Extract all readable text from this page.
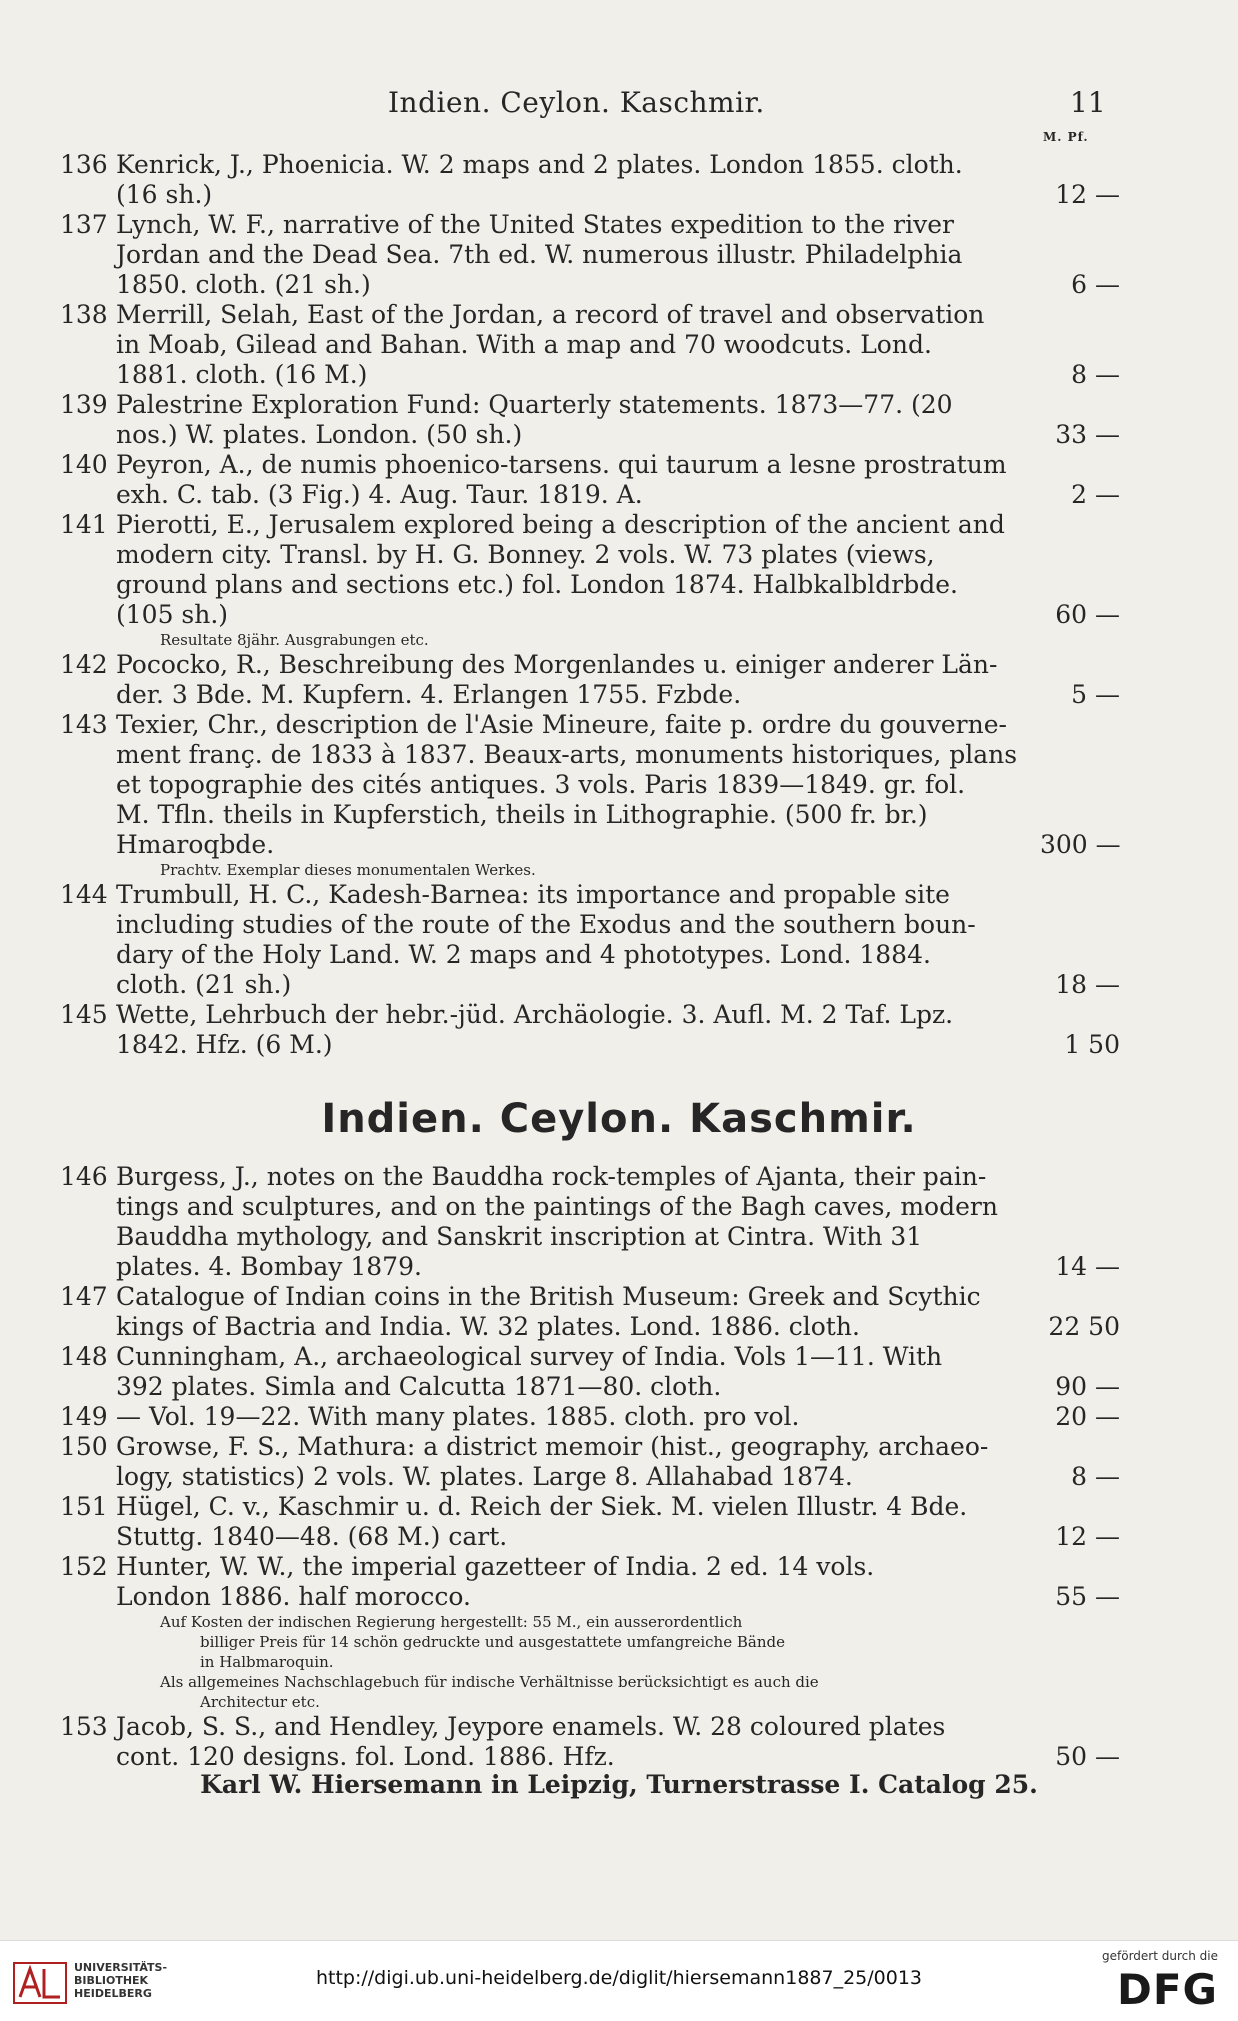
Indien. Ceylon. Kaschmir.	11
M. Pf.
136 Kenrick, J., Phoenicia. W. 2 maps and 2 plates. London 1855. cloth.
(16 sh.)	12 —
137 Lynch, W. F., narrative of the United States expedition to the river
Jordan and the Dead Sea. 7th ed. W. numerous illustr. Philadelphia
1850. cloth. (21 sh.)	6 —
138 Merrill, Selah, East of the Jordan, a record of travel and observation
in Moab, Gilead and Bahan. With a map and 70 woodcuts. Lond.
1881. cloth. (16 M.)	8 —
139 Palestrine Exploration Fund: Quarterly statements. 1873—77. (20
nos.) W. plates. London. (50 sh.)	33 —
140 Peyron, A., de numis phoenico-tarsens. qui taurum a lesne prostratum
exh. C. tab. (3 Fig.) 4. Aug. Taur. 1819. A.	2 —
141 Pierotti, E., Jerusalem explored being a description of the ancient and
modern city. Transl. by H. G. Bonney. 2 vols. W. 73 plates (views,
ground plans and sections etc.) fol. London 1874. Halbkalbldrbde.
(105 sh.)	60 —
Resultate 8jähr. Ausgrabungen etc.
142 Pococko, R., Beschreibung des Morgenlandes u. einiger anderer Län-
der. 3 Bde. M. Kupfern. 4. Erlangen 1755. Fzbde.	5 —
143 Texier, Chr., description de l'Asie Mineure, faite p. ordre du gouverne-
ment franç. de 1833 à 1837. Beaux-arts, monuments historiques, plans
et topographie des cités antiques. 3 vols. Paris 1839—1849. gr. fol.
M. Tfln. theils in Kupferstich, theils in Lithographie. (500 fr. br.)
Hmaroqbde.	300 —
Prachtv. Exemplar dieses monumentalen Werkes.
144 Trumbull, H. C., Kadesh-Barnea: its importance and propable site
including studies of the route of the Exodus and the southern boun-
dary of the Holy Land. W. 2 maps and 4 phototypes. Lond. 1884.
cloth. (21 sh.)	18 —
145 Wette, Lehrbuch der hebr.-jüd. Archäologie. 3. Aufl. M. 2 Taf. Lpz.
1842. Hfz. (6 M.)	1 50
Indien. Ceylon. Kaschmir.
146 Burgess, J., notes on the Bauddha rock-temples of Ajanta, their pain-
tings and sculptures, and on the paintings of the Bagh caves, modern
Bauddha mythology, and Sanskrit inscription at Cintra. With 31
plates. 4. Bombay 1879.	14 —
147 Catalogue of Indian coins in the British Museum: Greek and Scythic
kings of Bactria and India. W. 32 plates. Lond. 1886. cloth.	22 50
148 Cunningham, A., archaeological survey of India. Vols 1—11. With
392 plates. Simla and Calcutta 1871—80. cloth.	90 —
149 — Vol. 19—22. With many plates. 1885. cloth. pro vol.	20 —
150 Growse, F. S., Mathura: a district memoir (hist., geography, archaeo-
logy, statistics) 2 vols. W. plates. Large 8. Allahabad 1874.	8 —
151 Hügel, C. v., Kaschmir u. d. Reich der Siek. M. vielen Illustr. 4 Bde.
Stuttg. 1840—48. (68 M.) cart.	12 —
152 Hunter, W. W., the imperial gazetteer of India. 2 ed. 14 vols.
London 1886. half morocco.	55 —
Auf Kosten der indischen Regierung hergestellt: 55 M., ein ausserordentlich
billiger Preis für 14 schön gedruckte und ausgestattete umfangreiche Bände
in Halbmaroquin.
Als allgemeines Nachschlagebuch für indische Verhältnisse berücksichtigt es auch die
Architectur etc.
153 Jacob, S. S., and Hendley, Jeypore enamels. W. 28 coloured plates
cont. 120 designs. fol. Lond. 1886. Hfz.	50 —
Karl W. Hiersemann in Leipzig, Turnerstrasse I. Catalog 25.
UNIVERSITÄTS-
BIBLIOTHEK
HEIDELBERG
http://digi.ub.uni-heidelberg.de/diglit/hiersemann1887_25/0013
gefördert durch die
DFG
